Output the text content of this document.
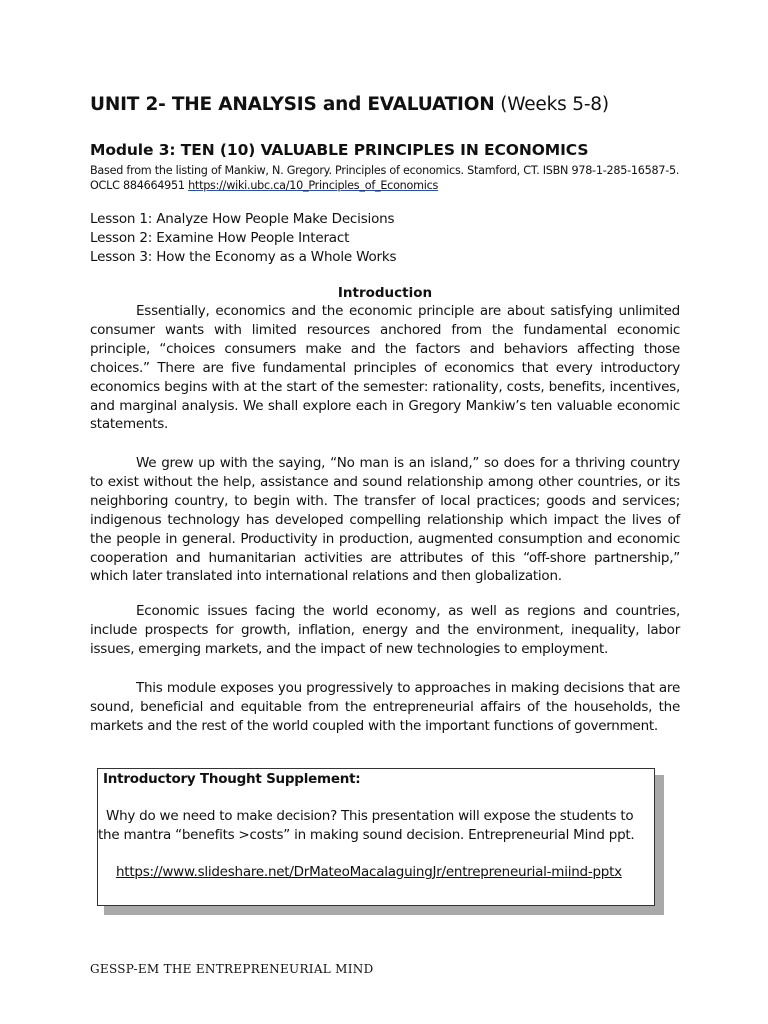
UNIT 2- THE ANALYSIS and EVALUATION (Weeks 5-8)
Module 3: TEN (10) VALUABLE PRINCIPLES IN ECONOMICS
Based from the listing of Mankiw, N. Gregory. Principles of economics. Stamford, CT. ISBN 978-1-285-16587-5. OCLC 884664951 https://wiki.ubc.ca/10_Principles_of_Economics
Lesson 1: Analyze How People Make Decisions
Lesson 2: Examine How People Interact
Lesson 3: How the Economy as a Whole Works
Introduction

Essentially, economics and the economic principle are about satisfying unlimited consumer wants with limited resources anchored from the fundamental economic principle, “choices consumers make and the factors and behaviors affecting those choices.” There are five fundamental principles of economics that every introductory economics begins with at the start of the semester: rationality, costs, benefits, incentives, and marginal analysis. We shall explore each in Gregory Mankiw’s ten valuable economic statements.

We grew up with the saying, “No man is an island,” so does for a thriving country to exist without the help, assistance and sound relationship among other countries, or its neighboring country, to begin with. The transfer of local practices; goods and services; indigenous technology has developed compelling relationship which impact the lives of the people in general. Productivity in production, augmented consumption and economic cooperation and humanitarian activities are attributes of this “off-shore partnership,” which later translated into international relations and then globalization.

Economic issues facing the world economy, as well as regions and countries, include prospects for growth, inflation, energy and the environment, inequality, labor issues, emerging markets, and the impact of new technologies to employment.

This module exposes you progressively to approaches in making decisions that are sound, beneficial and equitable from the entrepreneurial affairs of the households, the markets and the rest of the world coupled with the important functions of government.

Introductory Thought Supplement:

Why do we need to make decision? This presentation will expose the students to the mantra “benefits >costs” in making sound decision. Entrepreneurial Mind ppt.

https://www.slideshare.net/DrMateoMacalaguingJr/entrepreneurial-miind-pptx
GESSP-EM THE ENTREPRENEURIAL MIND
